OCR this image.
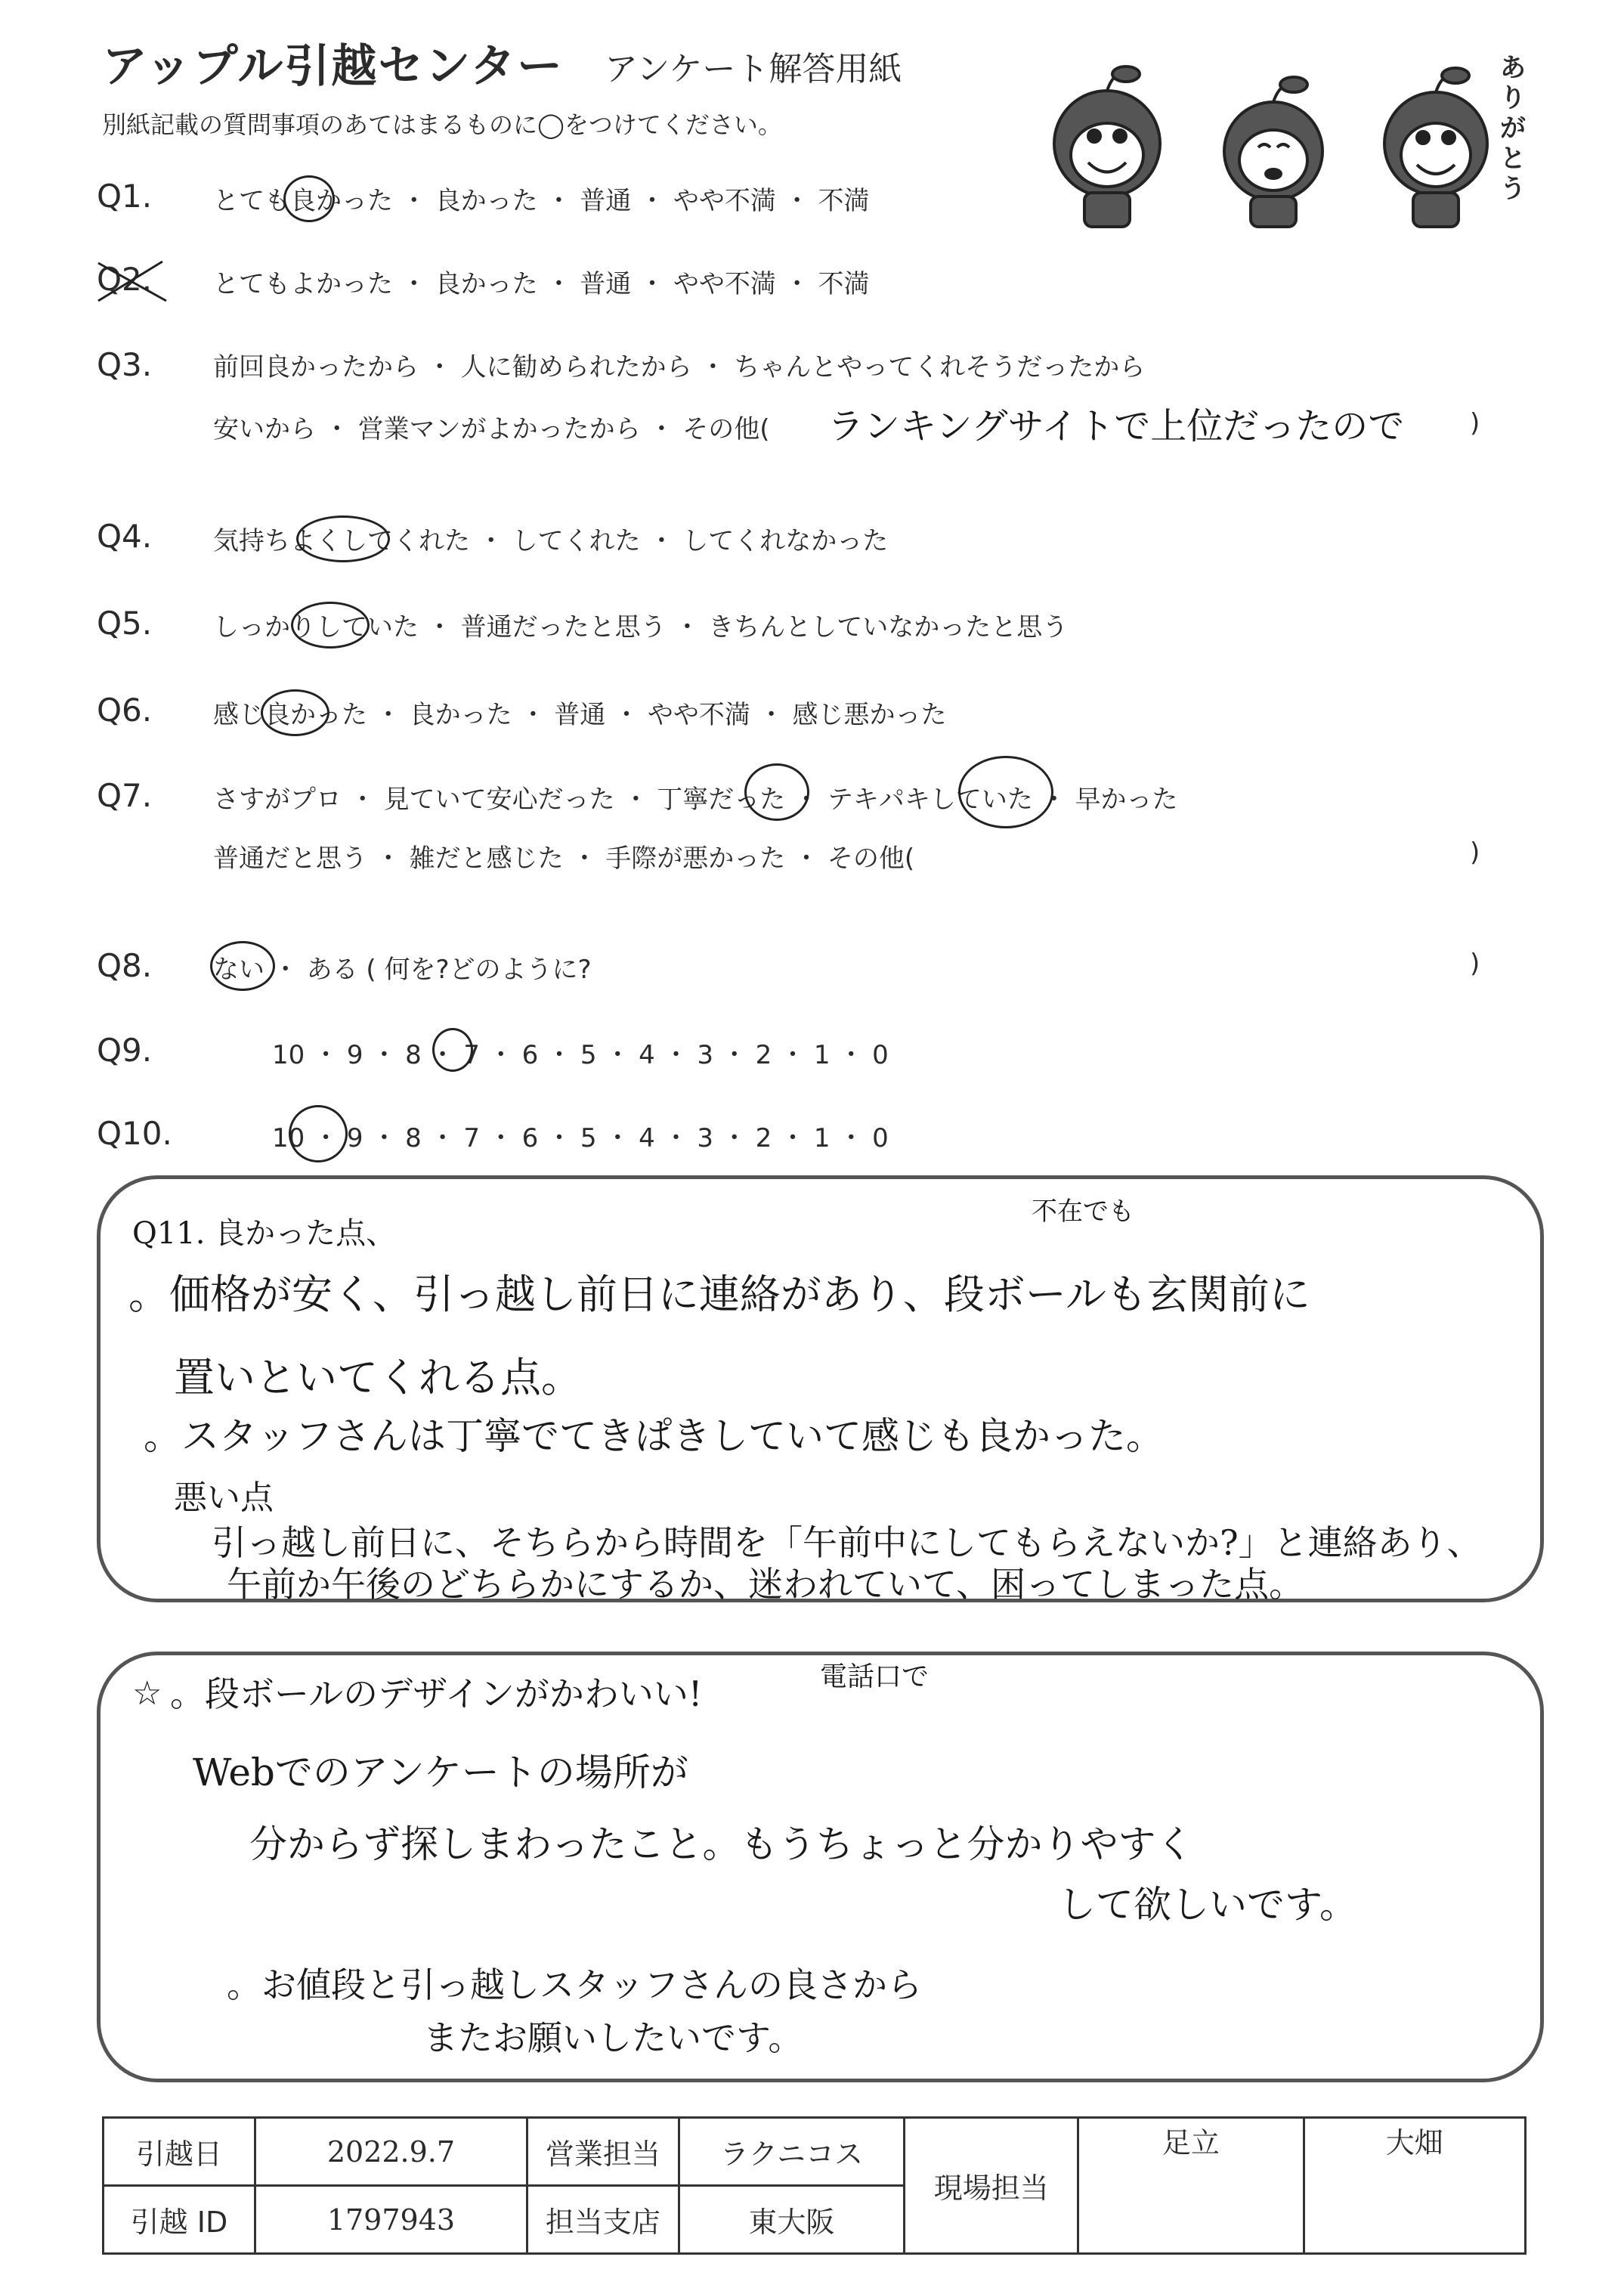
アップル引越センター アンケート解答用紙
別紙記載の質問事項のあてはまるものに◯をつけてください。
ありがとう
Q1. とても良かった ・ 良かった ・ 普通 ・ やや不満 ・ 不満
Q2. とてもよかった ・ 良かった ・ 普通 ・ やや不満 ・ 不満
Q3. 前回良かったから ・ 人に勧められたから ・ ちゃんとやってくれそうだったから
安いから ・ 営業マンがよかったから ・ その他( ランキングサイトで上位だったので	)
Q4. 気持ちよくしてくれた ・ してくれた ・ してくれなかった
Q5. しっかりしていた ・ 普通だったと思う ・ きちんとしていなかったと思う
Q6. 感じ良かった ・ 良かった ・ 普通 ・ やや不満 ・ 感じ悪かった
Q7. さすがプロ ・ 見ていて安心だった ・ 丁寧だった ・ テキパキしていた ・ 早かった
普通だと思う ・ 雑だと感じた ・ 手際が悪かった ・ その他(	)
Q8. ない ・ ある ( 何を?どのように?	)
Q9.	10 ・ 9 ・ 8 ・ 7 ・ 6 ・ 5 ・ 4 ・ 3 ・ 2 ・ 1 ・ 0
Q10.	10 ・ 9 ・ 8 ・ 7 ・ 6 ・ 5 ・ 4 ・ 3 ・ 2 ・ 1 ・ 0
Q11. 良かった点、
不在でも
。価格が安く、引っ越し前日に連絡があり、段ボールも玄関前に
置いといてくれる点。
。スタッフさんは丁寧でてきぱきしていて感じも良かった。
悪い点
引っ越し前日に、そちらから時間を「午前中にしてもらえないか?」と連絡あり、
午前か午後のどちらかにするか、迷われていて、困ってしまった点。
☆ 。段ボールのデザインがかわいい!	電話口で
Webでのアンケートの場所が
分からず探しまわったこと。もうちょっと分かりやすく
して欲しいです。
。お値段と引っ越しスタッフさんの良さから
またお願いしたいです。
引越日	2022.9.7	営業担当	ラクニコス	現場担当	足立	大畑
引越 ID	1797943	担当支店	東大阪			
